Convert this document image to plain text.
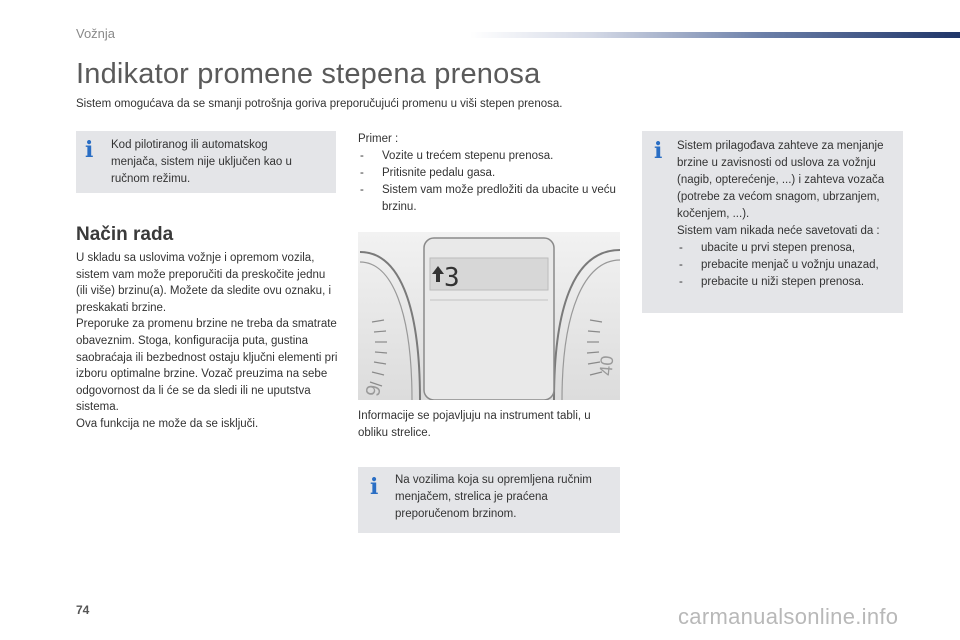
Vožnja
Indikator promene stepena prenosa
Sistem omogućava da se smanji potrošnja goriva preporučujući promenu u viši stepen prenosa.
i Kod pilotiranog ili automatskog menjača, sistem nije uključen kao u ručnom režimu.
Način rada

U skladu sa uslovima vožnje i opremom vozila, sistem vam može preporučiti da preskočite jednu (ili više) brzinu(a). Možete da sledite ovu oznaku, i preskakati brzine.

Preporuke za promenu brzine ne treba da smatrate obaveznim. Stoga, konfiguracija puta, gustina saobraćaja ili bezbednost ostaju ključni elementi pri izboru optimalne brzine. Vozač preuzima na sebe odgovornost da li će se da sledi ili ne uputstva sistema.

Ova funkcija ne može da se isključi.

Primer :

- Vozite u trećem stepenu prenosa.
- Pritisnite pedalu gasa.
- Sistem vam može predložiti da ubacite u veću brzinu.
9
40
3
Informacije se pojavljuju na instrument tabli, u obliku strelice.
i Na vozilima koja su opremljena ručnim menjačem, strelica je praćena preporučenom brzinom.
i Sistem prilagođava zahteve za menjanje brzine u zavisnosti od uslova za vožnju (nagib, opterećenje, ...) i zahteva vozača (potrebe za većom snagom, ubrzanjem, kočenjem, ...).

Sistem vam nikada neće savetovati da :

- ubacite u prvi stepen prenosa,
- prebacite menjač u vožnju unazad,
- prebacite u niži stepen prenosa.
74	carmanualsonline.info
